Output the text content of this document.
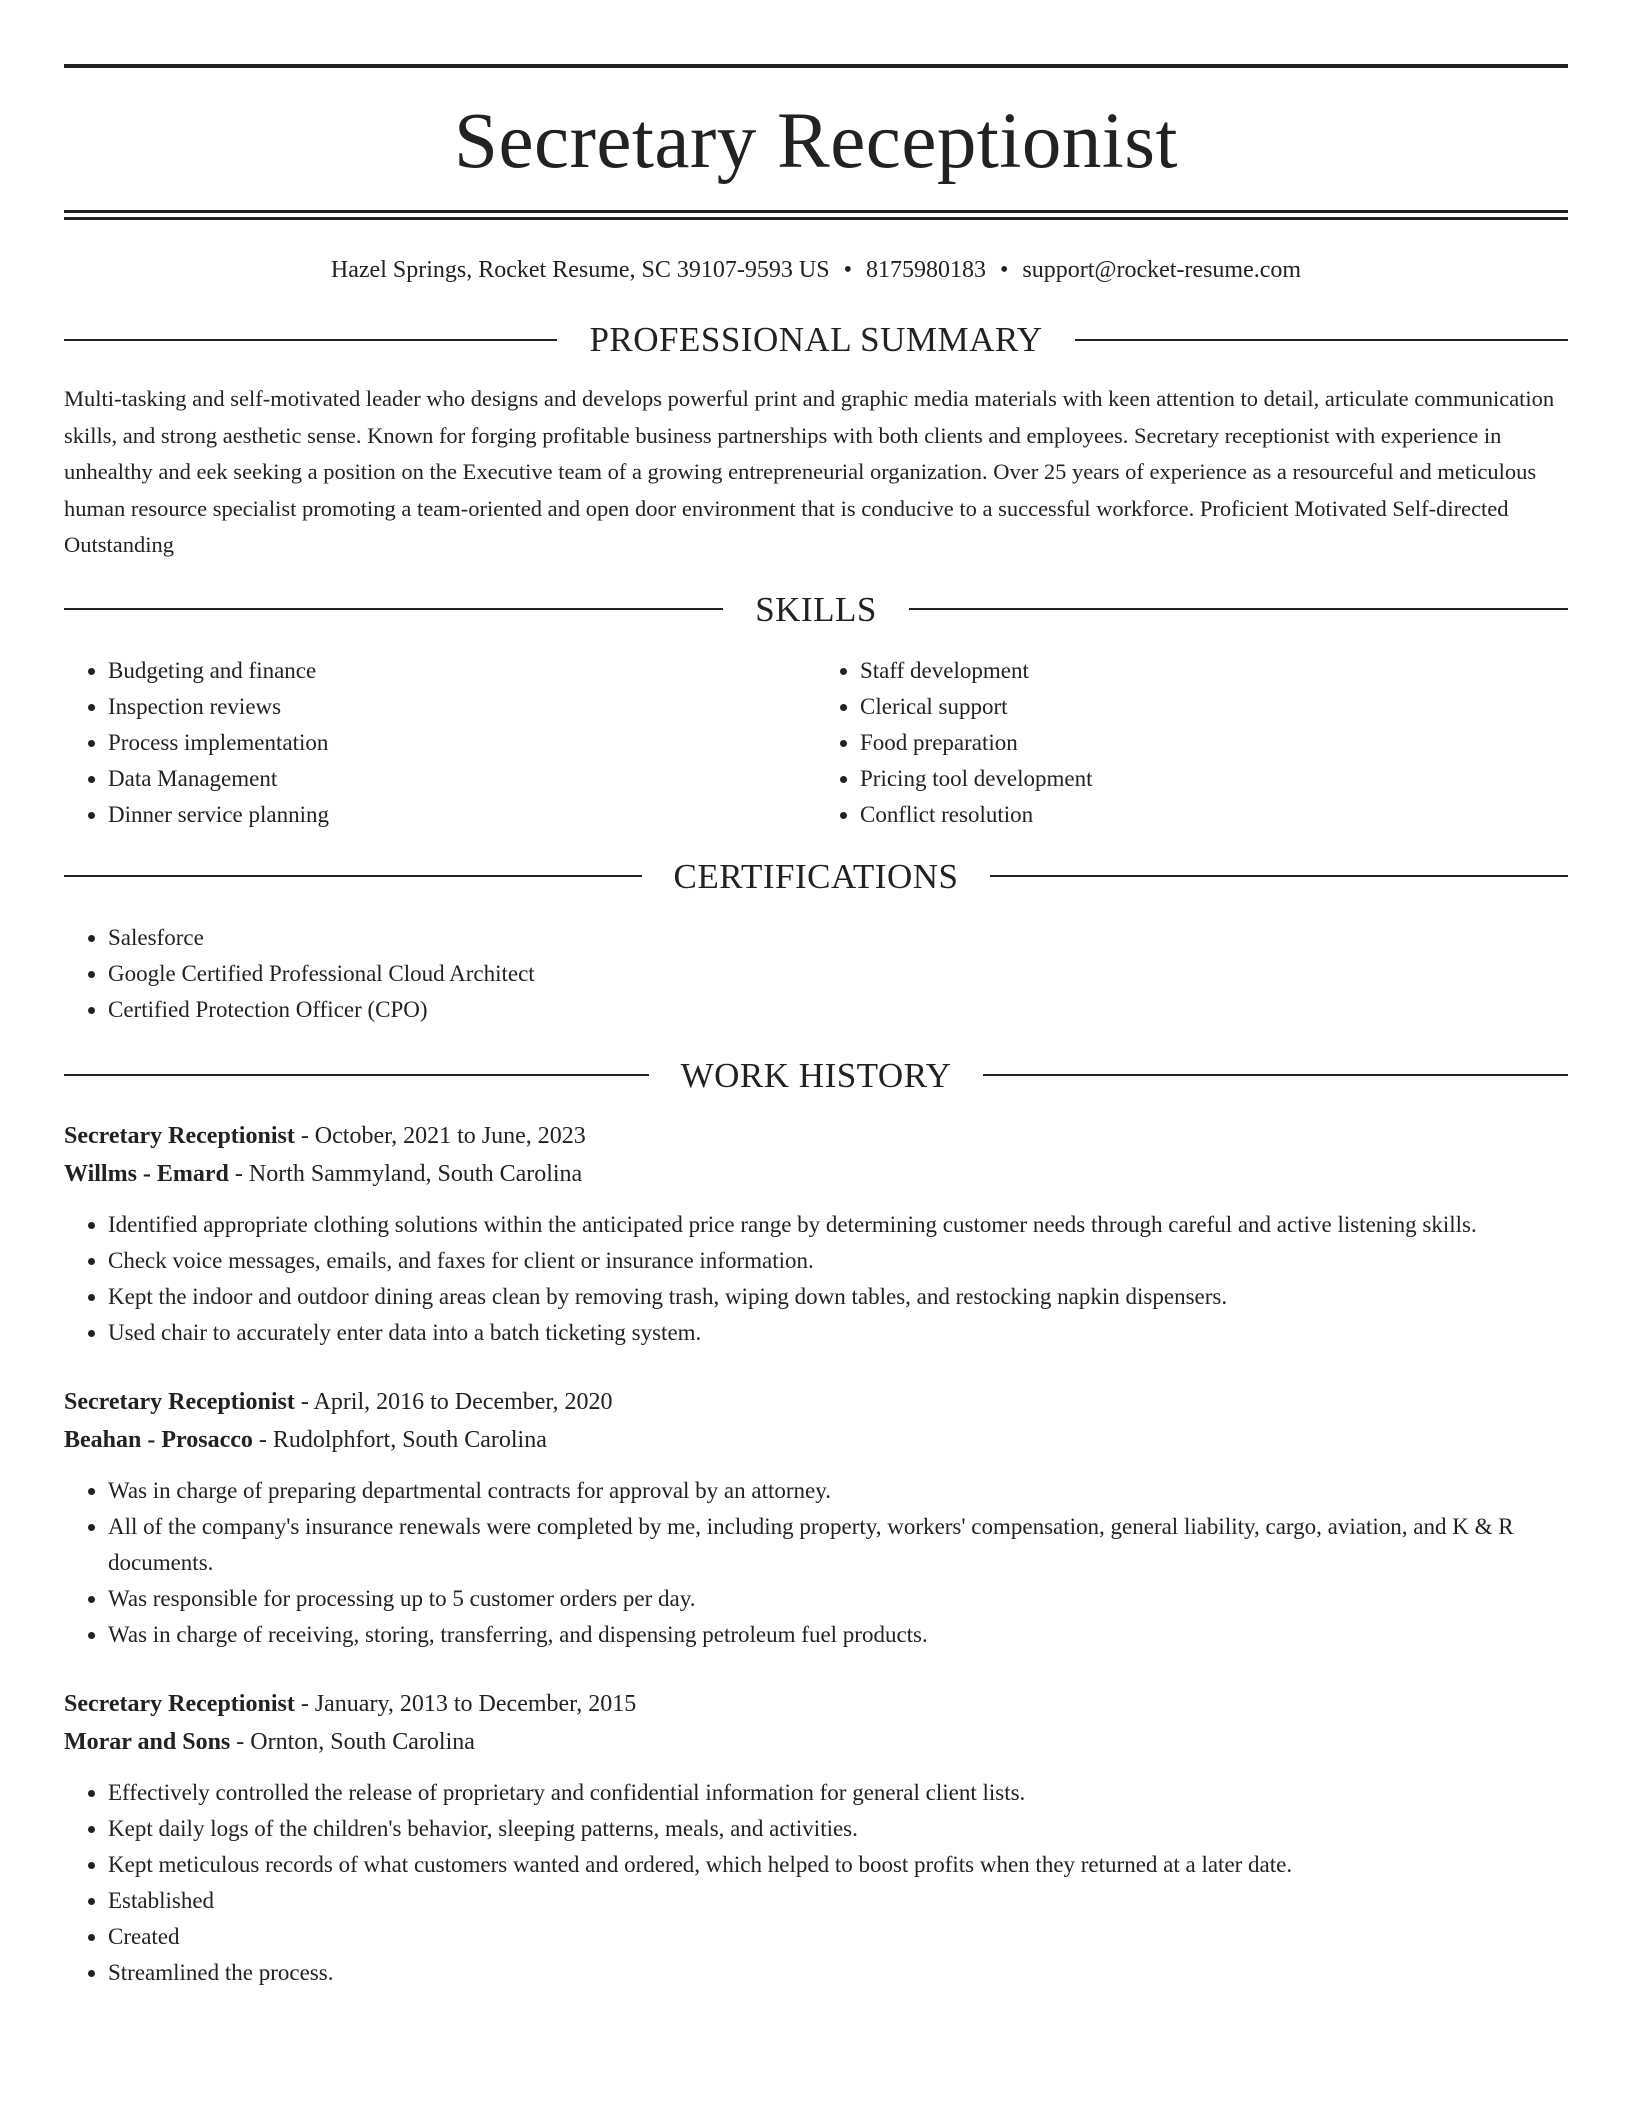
Secretary Receptionist
Hazel Springs, Rocket Resume, SC 39107-9593 US • 8175980183 • support@rocket-resume.com
PROFESSIONAL SUMMARY

Multi-tasking and self-motivated leader who designs and develops powerful print and graphic media materials with keen attention to detail, articulate communication skills, and strong aesthetic sense. Known for forging profitable business partnerships with both clients and employees. Secretary receptionist with experience in unhealthy and eek seeking a position on the Executive team of a growing entrepreneurial organization. Over 25 years of experience as a resourceful and meticulous human resource specialist promoting a team-oriented and open door environment that is conducive to a successful workforce. Proficient Motivated Self-directed Outstanding

SKILLS
• Budgeting and finance
• Inspection reviews
• Process implementation
• Data Management
• Dinner service planning
• Staff development
• Clerical support
• Food preparation
• Pricing tool development
• Conflict resolution
CERTIFICATIONS
• Salesforce
• Google Certified Professional Cloud Architect
• Certified Protection Officer (CPO)
WORK HISTORY

Secretary Receptionist - October, 2021 to June, 2023

Willms - Emard - North Sammyland, South Carolina

• Identified appropriate clothing solutions within the anticipated price range by determining customer needs through careful and active listening skills.
• Check voice messages, emails, and faxes for client or insurance information.
• Kept the indoor and outdoor dining areas clean by removing trash, wiping down tables, and restocking napkin dispensers.
• Used chair to accurately enter data into a batch ticketing system.

Secretary Receptionist - April, 2016 to December, 2020

Beahan - Prosacco - Rudolphfort, South Carolina

• Was in charge of preparing departmental contracts for approval by an attorney.
• All of the company's insurance renewals were completed by me, including property, workers' compensation, general liability, cargo, aviation, and K & R documents.
• Was responsible for processing up to 5 customer orders per day.
• Was in charge of receiving, storing, transferring, and dispensing petroleum fuel products.

Secretary Receptionist - January, 2013 to December, 2015

Morar and Sons - Ornton, South Carolina

• Effectively controlled the release of proprietary and confidential information for general client lists.
• Kept daily logs of the children's behavior, sleeping patterns, meals, and activities.
• Kept meticulous records of what customers wanted and ordered, which helped to boost profits when they returned at a later date.
• Established
• Created
• Streamlined the process.
